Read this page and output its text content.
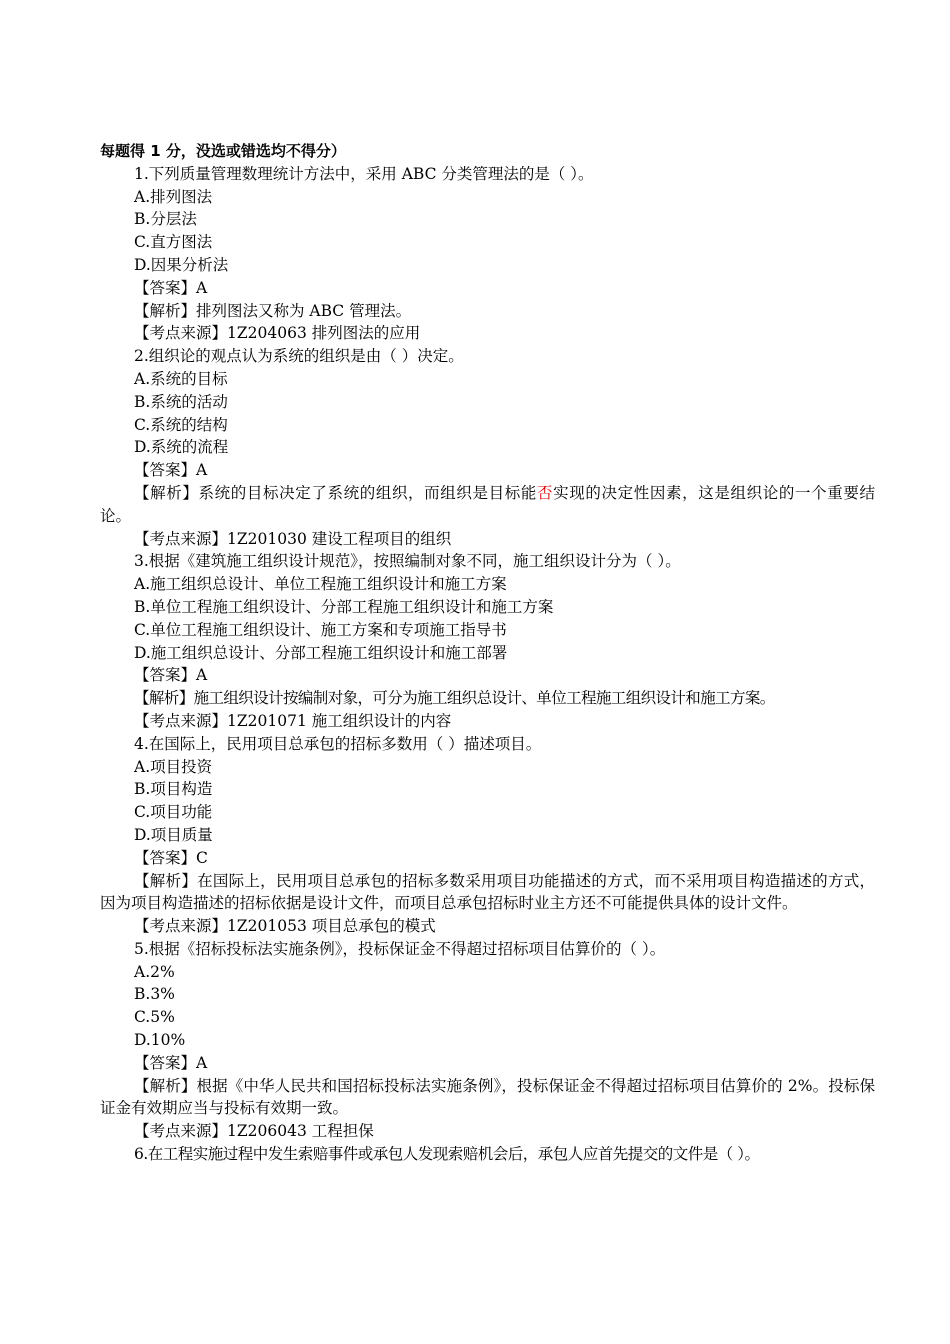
每题得 1 分，没选或错选均不得分）
1.下列质量管理数理统计方法中，采用 ABC 分类管理法的是（ ）。
A.排列图法
B.分层法
C.直方图法
D.因果分析法
【答案】A
【解析】排列图法又称为 ABC 管理法。
【考点来源】1Z204063 排列图法的应用
2.组织论的观点认为系统的组织是由（ ）决定。
A.系统的目标
B.系统的活动
C.系统的结构
D.系统的流程
【答案】A
【解析】系统的目标决定了系统的组织，而组织是目标能否实现的决定性因素，这是组织论的一个重要结论。
【考点来源】1Z201030 建设工程项目的组织
3.根据《建筑施工组织设计规范》，按照编制对象不同，施工组织设计分为（ ）。
A.施工组织总设计、单位工程施工组织设计和施工方案
B.单位工程施工组织设计、分部工程施工组织设计和施工方案
C.单位工程施工组织设计、施工方案和专项施工指导书
D.施工组织总设计、分部工程施工组织设计和施工部署
【答案】A
【解析】施工组织设计按编制对象，可分为施工组织总设计、单位工程施工组织设计和施工方案。
【考点来源】1Z201071 施工组织设计的内容
4.在国际上，民用项目总承包的招标多数用（ ）描述项目。
A.项目投资
B.项目构造
C.项目功能
D.项目质量
【答案】C
【解析】在国际上，民用项目总承包的招标多数采用项目功能描述的方式，而不采用项目构造描述的方式，因为项目构造描述的招标依据是设计文件，而项目总承包招标时业主方还不可能提供具体的设计文件。
【考点来源】1Z201053 项目总承包的模式
5.根据《招标投标法实施条例》，投标保证金不得超过招标项目估算价的（ ）。
A.2%
B.3%
C.5%
D.10%
【答案】A
【解析】根据《中华人民共和国招标投标法实施条例》，投标保证金不得超过招标项目估算价的 2%。投标保证金有效期应当与投标有效期一致。
【考点来源】1Z206043 工程担保
6.在工程实施过程中发生索赔事件或承包人发现索赔机会后，承包人应首先提交的文件是（ ）。
